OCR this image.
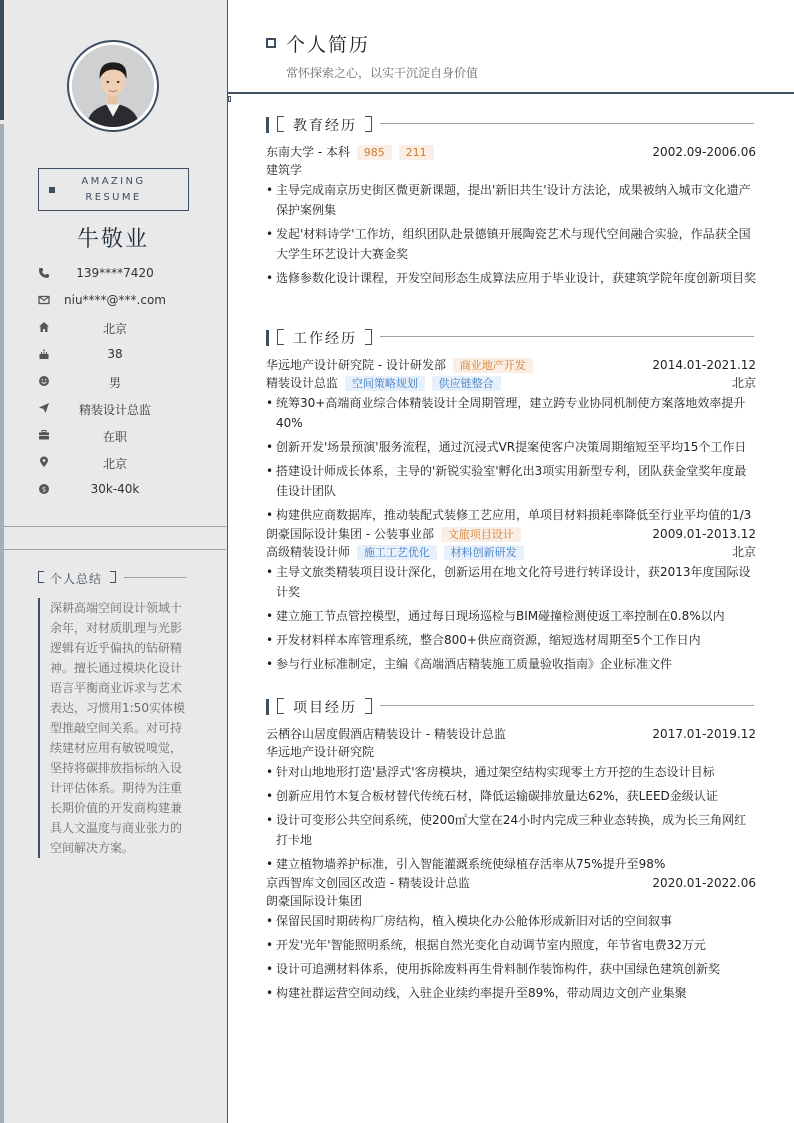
AMAZING
RESUME
牛敬业
139****7420
niu****@***.com
北京
38
男
精装设计总监
在职
北京
$	30k-40k
个人总结
深耕高端空间设计领域十余年，对材质肌理与光影逻辑有近乎偏执的钻研精神。擅长通过模块化设计语言平衡商业诉求与艺术表达，习惯用1:50实体模型推敲空间关系。对可持续建材应用有敏锐嗅觉，坚持将碳排放指标纳入设计评估体系。期待为注重长期价值的开发商构建兼具人文温度与商业张力的空间解决方案。
个人简历
常怀探索之心，以实干沉淀自身价值
教育经历
东南大学 - 本科 985 211	2002.09-2006.06
建筑学
• 主导完成南京历史街区微更新课题，提出'新旧共生'设计方法论，成果被纳入城市文化遗产保护案例集
• 发起'材料诗学'工作坊，组织团队赴景德镇开展陶瓷艺术与现代空间融合实验，作品获全国大学生环艺设计大赛金奖
• 选修参数化设计课程，开发空间形态生成算法应用于毕业设计，获建筑学院年度创新项目奖
工作经历
华远地产设计研究院 - 设计研发部 商业地产开发	2014.01-2021.12
精装设计总监 空间策略规划 供应链整合	北京
• 统筹30+高端商业综合体精装设计全周期管理，建立跨专业协同机制使方案落地效率提升40%
• 创新开发'场景预演'服务流程，通过沉浸式VR提案使客户决策周期缩短至平均15个工作日
• 搭建设计师成长体系，主导的'新锐实验室'孵化出3项实用新型专利，团队获金堂奖年度最佳设计团队
• 构建供应商数据库，推动装配式装修工艺应用，单项目材料损耗率降低至行业平均值的1/3
朗豪国际设计集团 - 公装事业部 文旅项目设计	2009.01-2013.12
高级精装设计师 施工工艺优化 材料创新研发	北京
• 主导文旅类精装项目设计深化，创新运用在地文化符号进行转译设计，获2013年度国际设计奖
• 建立施工节点管控模型，通过每日现场巡检与BIM碰撞检测使返工率控制在0.8%以内
• 开发材料样本库管理系统，整合800+供应商资源，缩短选材周期至5个工作日内
• 参与行业标准制定，主编《高端酒店精装施工质量验收指南》企业标准文件
项目经历
云栖谷山居度假酒店精装设计 - 精装设计总监	2017.01-2019.12
华远地产设计研究院
• 针对山地地形打造'悬浮式'客房模块，通过架空结构实现零土方开挖的生态设计目标
• 创新应用竹木复合板材替代传统石材，降低运输碳排放量达62%，获LEED金级认证
• 设计可变形公共空间系统，使200㎡大堂在24小时内完成三种业态转换，成为长三角网红打卡地
• 建立植物墙养护标准，引入智能灌溉系统使绿植存活率从75%提升至98%
京西智库文创园区改造 - 精装设计总监	2020.01-2022.06
朗豪国际设计集团
• 保留民国时期砖构厂房结构，植入模块化办公舱体形成新旧对话的空间叙事
• 开发'光年'智能照明系统，根据自然光变化自动调节室内照度，年节省电费32万元
• 设计可追溯材料体系，使用拆除废料再生骨料制作装饰构件，获中国绿色建筑创新奖
• 构建社群运营空间动线，入驻企业续约率提升至89%，带动周边文创产业集聚
